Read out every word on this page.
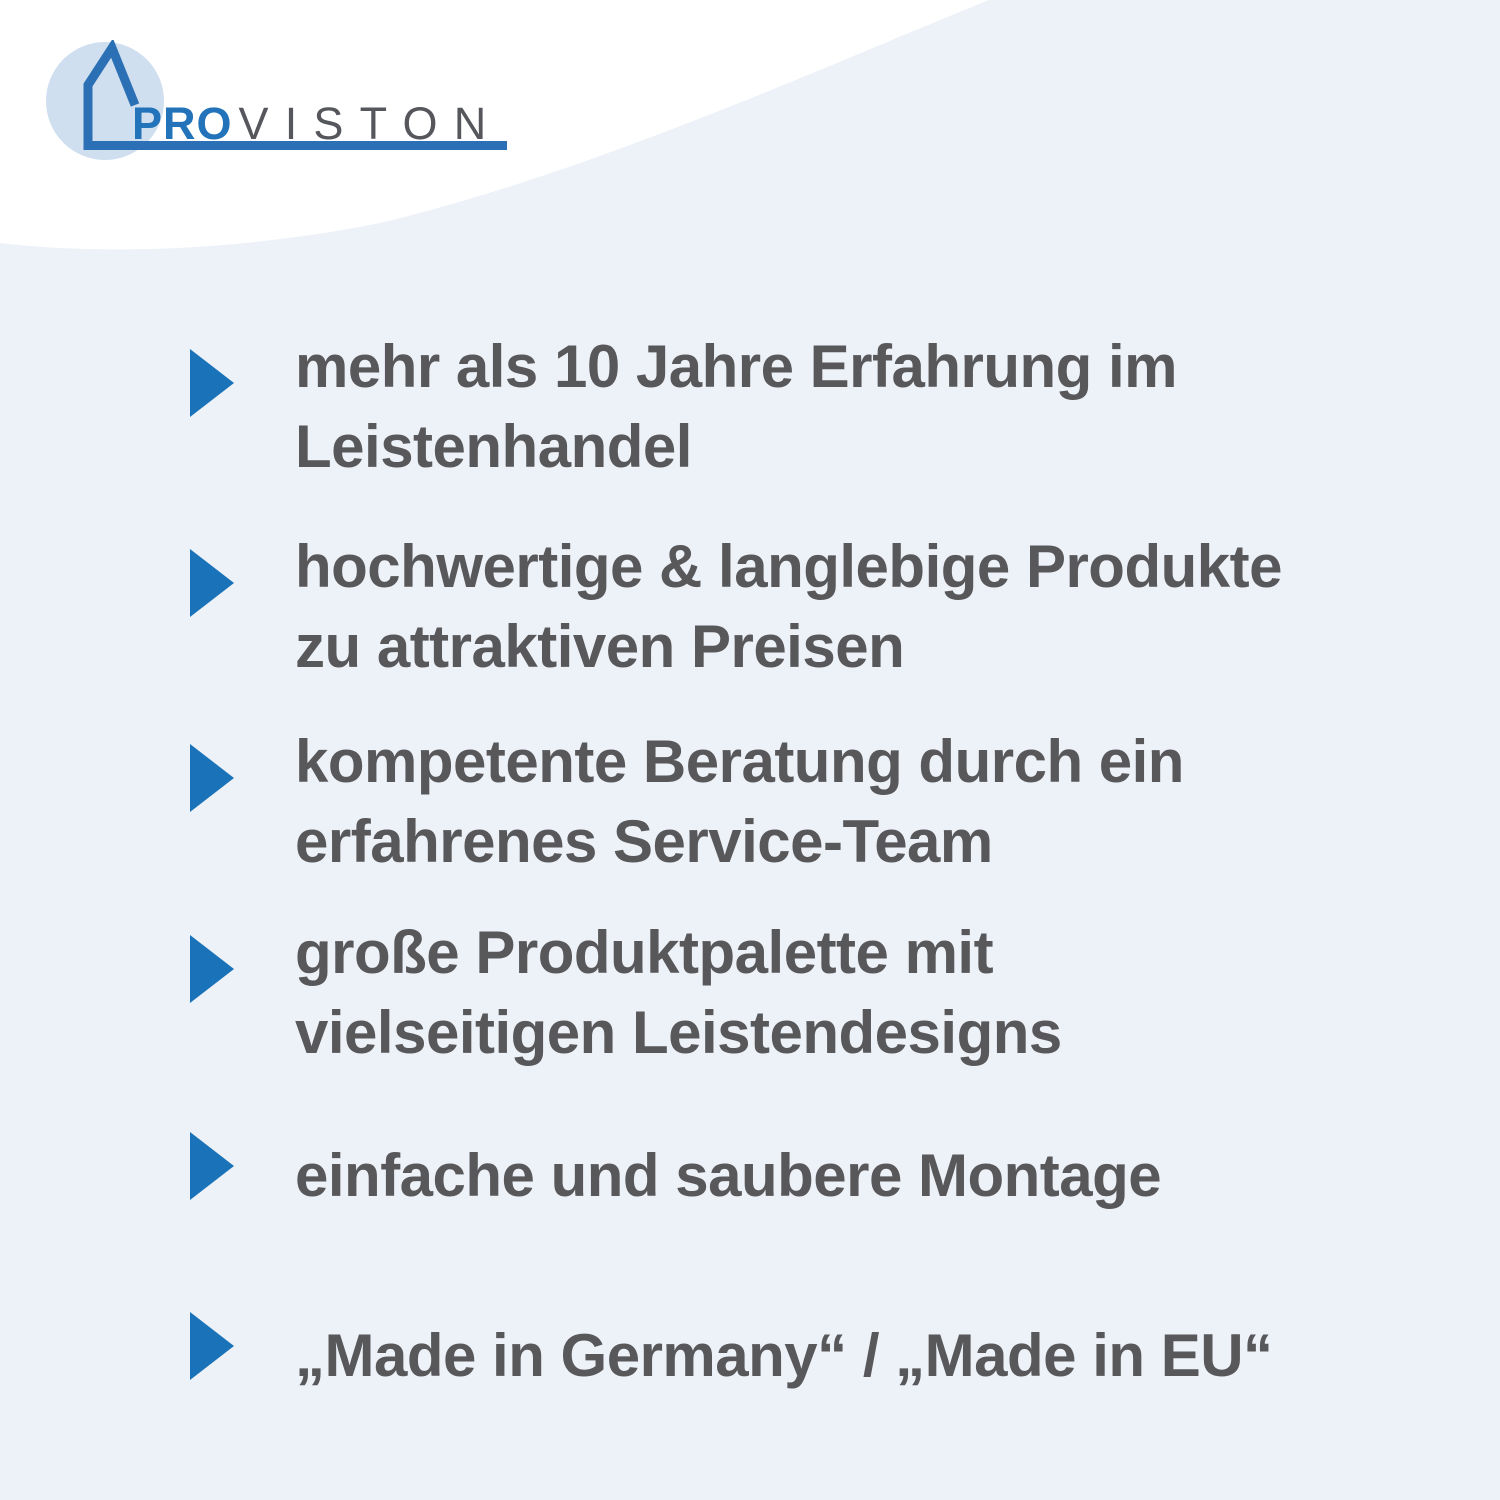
PRO VISTON
mehr als 10 Jahre Erfahrung im
Leistenhandel
hochwertige & langlebige Produkte
zu attraktiven Preisen
kompetente Beratung durch ein
erfahrenes Service-Team
große Produktpalette mit
vielseitigen Leistendesigns
einfache und saubere Montage
„Made in Germany“ / „Made in EU“
